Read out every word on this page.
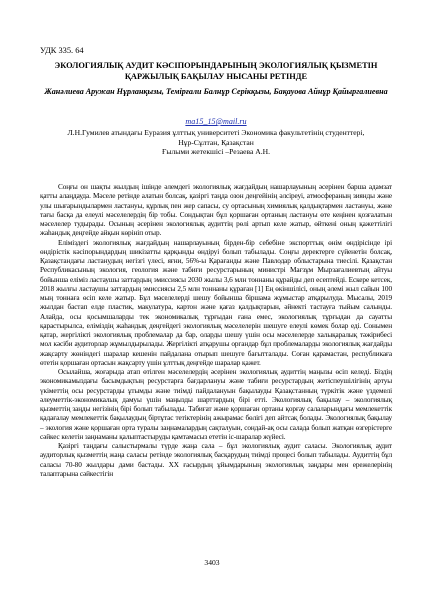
УДК 335. 64
ЭКОЛОГИЯЛЫҚ АУДИТ КӘСІПОРЫНДАРЫНЫҢ ЭКОЛОГИЯЛЫҚ ҚЫЗМЕТІН ҚАРЖЫЛЫҚ БАҚЫЛАУ НЫСАНЫ РЕТІНДЕ
Жанәлиева Аружан Нұрланқызы, Темірғали Балнұр Серікқызы, Бақауова Айнұр Қайыргалиевна
ma15_15@mail.ru
Л.Н.Гумилев атындағы Еуразия ұлттық университеті Экономика факультетінің студенттері,
Нұр-Сұлтан, Қазақстан
Ғылыми жетекшісі –Резаева А.Н.

Соңғы он шақты жылдың ішінде әлемдегі экологиялық жағдайдың нашарлауының әсерінен барша адамзат қатты алаңдауда. Мәселе ретінде алатын болсақ, қазіргі таңда озон деңгейінің әлсіреуі, атмосфераның зиянды және улы шығарындылармен ластануы, құрлық пен жер сапасы, су ортасының химиялық қалдықтармен ластануы, және тағы басқа да елеулі мәселелердің бір тобы. Сондықтан бұл қоршаған ортаның ластануы өте кеңінен қозғалатын мәселелер тудырады. Осының әсерінен экологиялық аудиттің рөлі артып келе жатыр, өйткені оның қажеттілігі жаһандық деңгейде айқын көрініп отыр.

Еліміздегі экологиялық жағдайдың нашарлауының бірден-бір себебіне экспорттық өнім өндірісінде ірі өндірістік кәсіпорындардың шикізатты қарқынды өндіруі болып табылады. Соңғы деректерге сүйенетін болсақ, Қазақстандағы ластанудың негізгі үлесі, яғни, 56%-ы Қарағанды және Павлодар облыстарына тиесілі. Қазақстан Республикасының экология, геология және табиғи ресурстарының министрі Мағзұм Мырзағалиевтың айтуы бойынша еліміз ластаушы заттардың эмиссиясы 2030 жылы 3,6 млн тоннаны құрайды деп есептейді. Ескере кетсек, 2018 жылғы ластаушы заттардың эмиссиясы 2,5 млн тоннаны құраған [1] Ең өкіншілісі, оның әлемі жыл сайын 100 мың тоннаға өсіп келе жатыр. Бұл мәселелерді шешу бойынша біршама жұмыстар атқарылуда. Мысалы, 2019 жылдан бастап елде пластик, макулатура, картон және қағаз қалдықтарын, әйнекті тастауға тыйым салынды. Алайда, осы қосымшаларды тек экономикалық тұрғыдан ғана емес, экологиялық тұрғыдан да сауатты қарастырылса, еліміздің жаһандық деңгейдегі экологиялық мәселелерін шешуге елеулі көмек болар еді. Сонымен қатар, жергілікті экологиялық проблемалар да бар, оларды шешу үшін осы мәселелерде халықаралық тәжірибесі мол кәсіби аудиторлар жұмылдырылады. Жергілікті атқарушы органдар бұл проблемаларды экологиялық жағдайды жақсарту жөніндегі шаралар кешенін пайдалана отырып шешуге бағытталады. Соған қарамастан, республикаға өтетін қоршаған ортасын жақсарту үшін ұлттық деңгейде шаралар қажет.

Осылайша, жоғарыда атап өтілген мәселелердің әсерінен экологиялық аудиттің маңызы өсіп келеді. Біздің экономикамыздағы басымдықтың ресурстарға бағдарлануы және табиғи ресурстардың жетіспеушілігінің артуы үкіметтің осы ресурстарды ұтымды және тиімді пайдалануын бақылауды Қазақстанның түркітік және үздемелі әлеуметтік-экономикалық дамуы үшін маңызды шарттардың бірі етті. Экологиялық бақылау – экологиялық қызметтің заңды негізінің бірі болып табылады. Табиғат және қоршаған ортаны қорғау салаларындағы мемлекеттік қадағалау мемлекеттік бақылаудың біртұтас тетіктерінің ажырамас бөлігі деп айтсақ болады. Экологиялық бақылау – экология және қоршаған орта туралы заңнамалардың сақталуын, сондай-ақ осы салада болып жатқан өзгерістерге сәйкес келетін заңнаманы қалыптастыруды қамтамасыз ететін іс-шаралар жүйесі.

Қазіргі таңдағы салыстырмалы түрде жаңа сала – бұл экологиялық аудит саласы. Экологиялық аудит аудиторлық қызметтің жаңа саласы ретінде экологиялық басқарудың тиімді процесі болып табылады. Аудиттің бұл саласы 70-80 жылдары дами бастады. XX ғасырдың ұйымдарының экологиялық заңдары мен ережелерінің талаптарына сәйкестігін

3403
